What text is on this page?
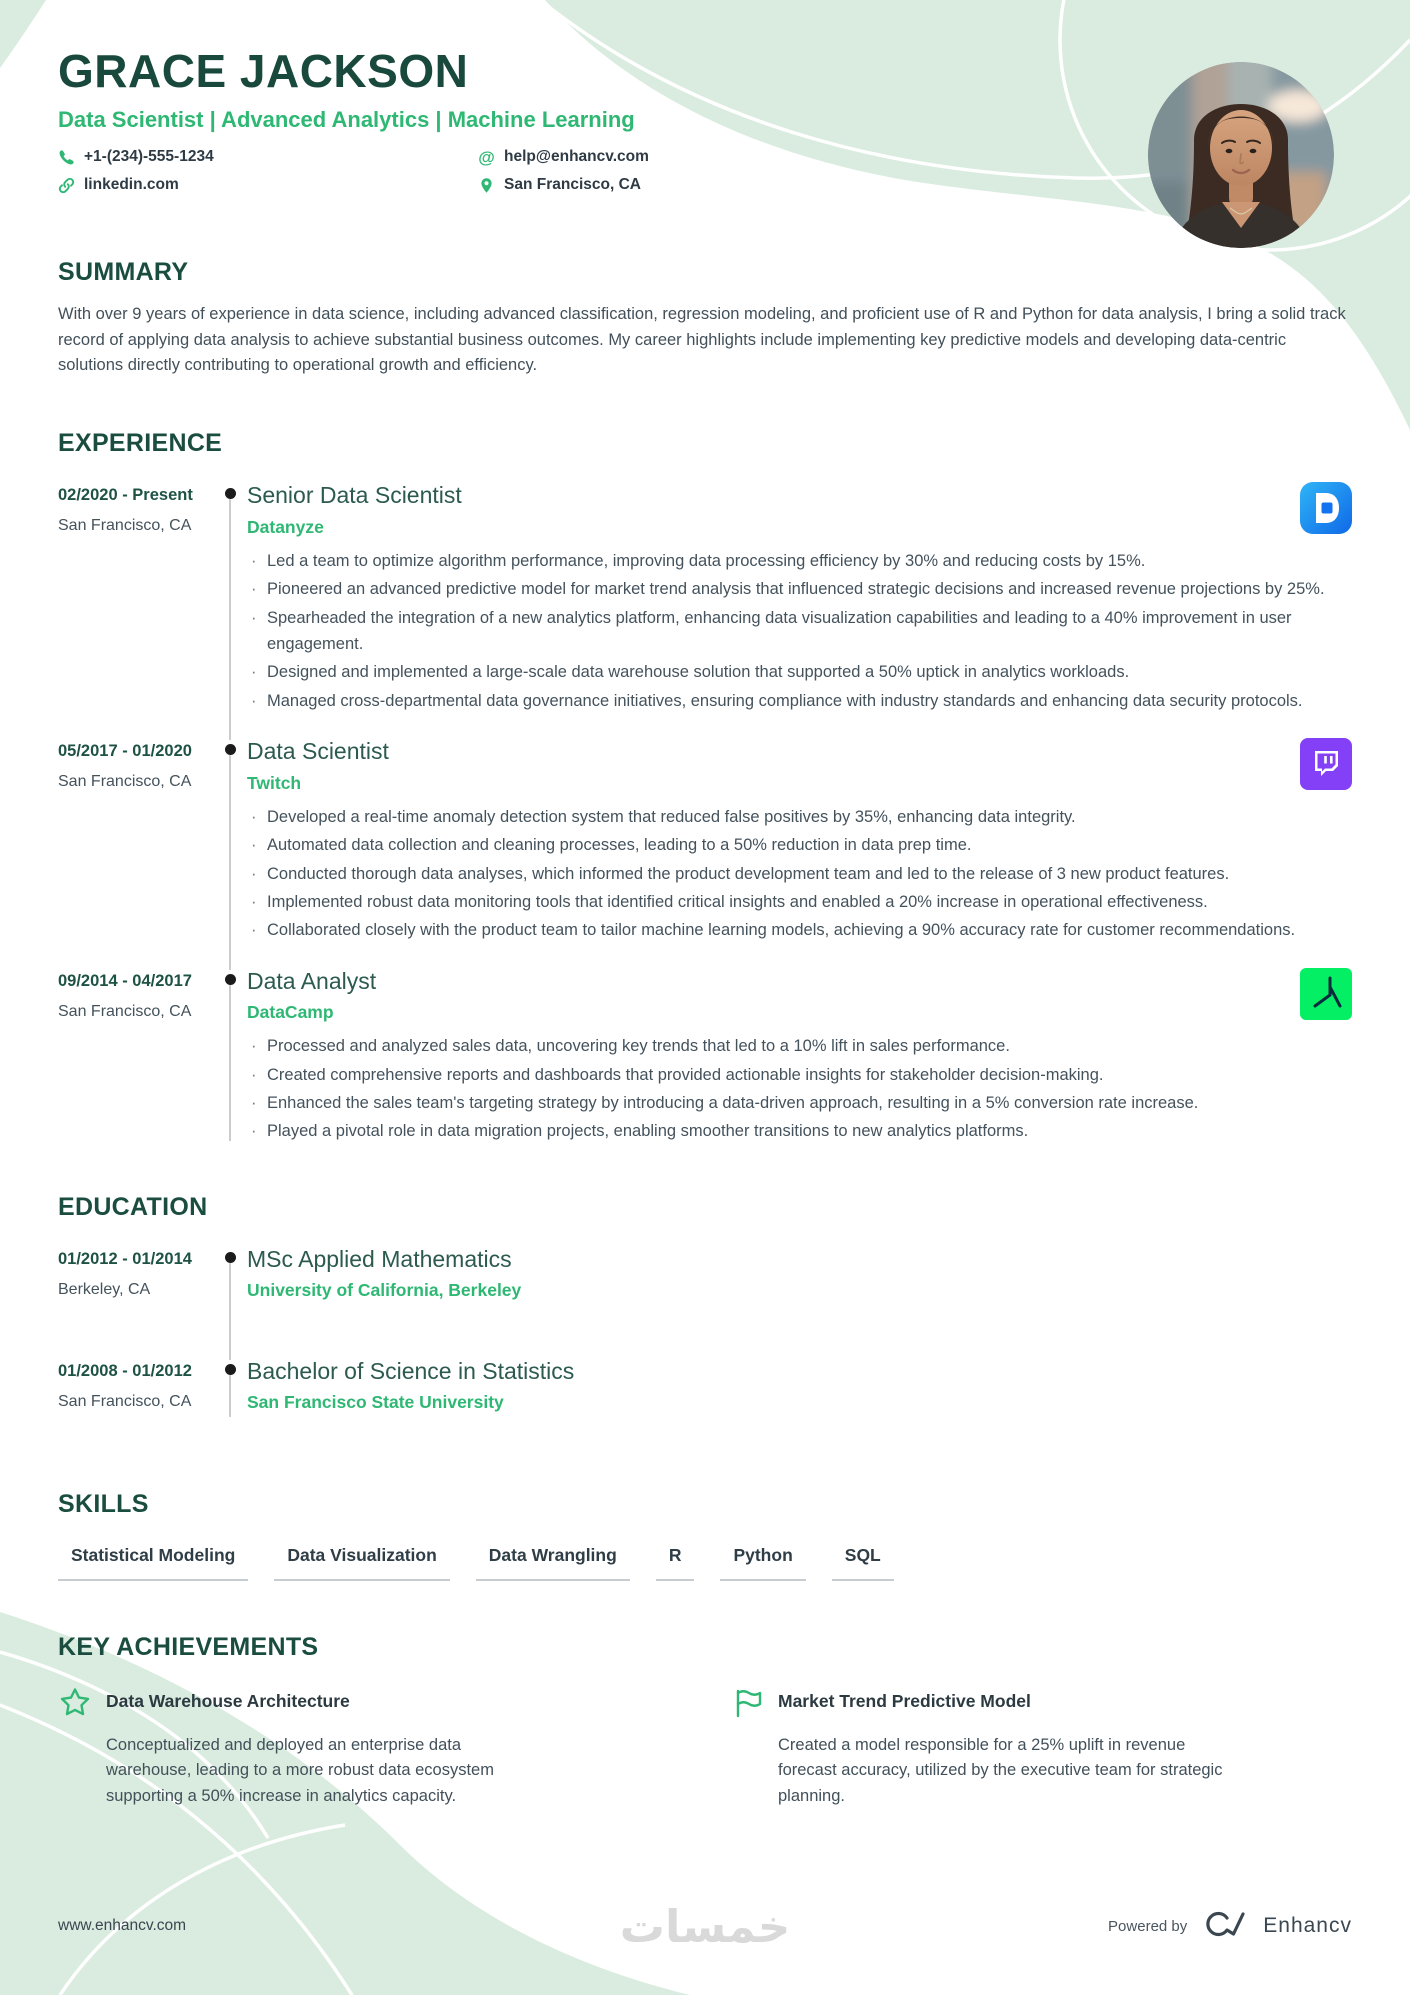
GRACE JACKSON
Data Scientist | Advanced Analytics | Machine Learning
+1-(234)-555-1234	@ help@enhancv.com
linkedin.com	San Francisco, CA
SUMMARY

With over 9 years of experience in data science, including advanced classification, regression modeling, and proficient use of R and Python for data analysis, I bring a solid track record of applying data analysis to achieve substantial business outcomes. My career highlights include implementing key predictive models and developing data-centric solutions directly contributing to operational growth and efficiency.

EXPERIENCE
02/2020 - Present
San Francisco, CA
Senior Data Scientist
Datanyze
· Led a team to optimize algorithm performance, improving data processing efficiency by 30% and reducing costs by 15%.
· Pioneered an advanced predictive model for market trend analysis that influenced strategic decisions and increased revenue projections by 25%.
· Spearheaded the integration of a new analytics platform, enhancing data visualization capabilities and leading to a 40% improvement in user engagement.
· Designed and implemented a large-scale data warehouse solution that supported a 50% uptick in analytics workloads.
· Managed cross-departmental data governance initiatives, ensuring compliance with industry standards and enhancing data security protocols.
05/2017 - 01/2020
San Francisco, CA
Data Scientist
Twitch
· Developed a real-time anomaly detection system that reduced false positives by 35%, enhancing data integrity.
· Automated data collection and cleaning processes, leading to a 50% reduction in data prep time.
· Conducted thorough data analyses, which informed the product development team and led to the release of 3 new product features.
· Implemented robust data monitoring tools that identified critical insights and enabled a 20% increase in operational effectiveness.
· Collaborated closely with the product team to tailor machine learning models, achieving a 90% accuracy rate for customer recommendations.
09/2014 - 04/2017
San Francisco, CA
Data Analyst
DataCamp
· Processed and analyzed sales data, uncovering key trends that led to a 10% lift in sales performance.
· Created comprehensive reports and dashboards that provided actionable insights for stakeholder decision-making.
· Enhanced the sales team's targeting strategy by introducing a data-driven approach, resulting in a 5% conversion rate increase.
· Played a pivotal role in data migration projects, enabling smoother transitions to new analytics platforms.
EDUCATION
01/2012 - 01/2014
Berkeley, CA
MSc Applied Mathematics
University of California, Berkeley
01/2008 - 01/2012
San Francisco, CA
Bachelor of Science in Statistics
San Francisco State University
SKILLS
Statistical Modeling	Data Visualization	Data Wrangling	R	Python	SQL
KEY ACHIEVEMENTS
Data Warehouse Architecture
Conceptualized and deployed an enterprise data warehouse, leading to a more robust data ecosystem supporting a 50% increase in analytics capacity.
Market Trend Predictive Model
Created a model responsible for a 25% uplift in revenue forecast accuracy, utilized by the executive team for strategic planning.
www.enhancv.com	خمسات	Powered by	Enhancv
